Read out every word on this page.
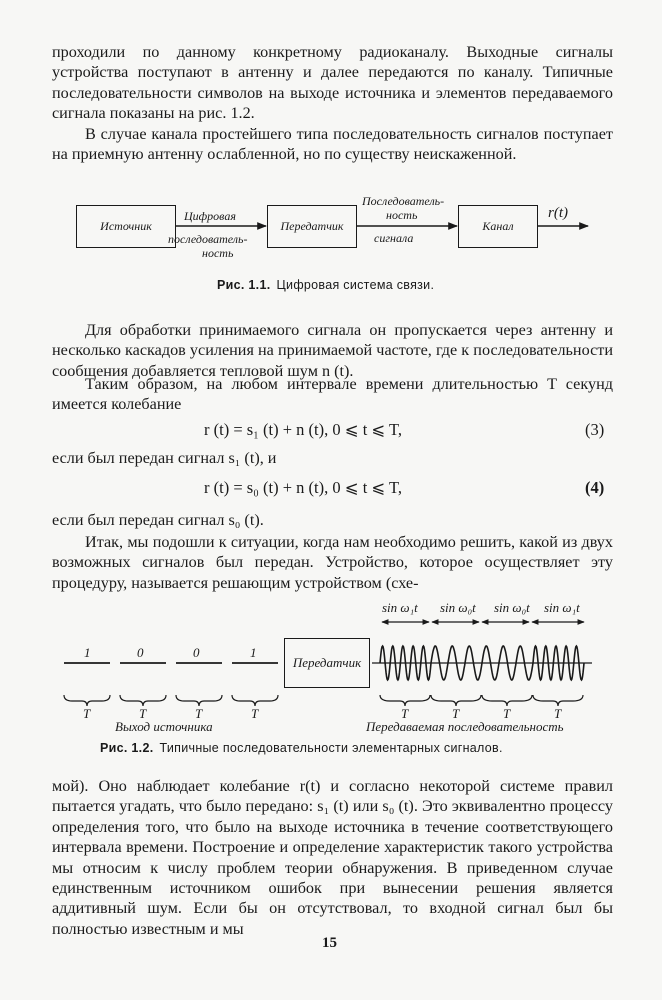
проходили по данному конкретному радиоканалу. Выходные сигналы устройства поступают в антенну и далее передаются по каналу. Типичные последовательности символов на выходе источника и элементов передаваемого сигнала показаны на рис. 1.2.

В случае канала простейшего типа последовательность сигналов поступает на приемную антенну ослабленной, но по существу неискаженной.

Источник	Передатчик	Канал
Цифровая
последователь-
ность
Последователь-
ность
сигнала
r(t)
Рис. 1.1. Цифровая система связи.

Для обработки принимаемого сигнала он пропускается через антенну и несколько каскадов усиления на принимаемой частоте, где к последовательности сообщения добавляется тепловой шум n (t).

Таким образом, на любом интервале времени длительностью T секунд имеется колебание

r (t) = s₁ (t) + n (t), 0 ⩽ t ⩽ T,	(3)

если был передан сигнал s₁ (t), и

r (t) = s₀ (t) + n (t), 0 ⩽ t ⩽ T,	(4)

если был передан сигнал s₀ (t).

Итак, мы подошли к ситуации, когда нам необходимо решить, какой из двух возможных сигналов был передан. Устройство, которое осуществляет эту процедуру, называется решающим устройством (схе-

1	0	0	1
T	T	T	T
Выход источника
Передатчик
sin ω₁t sin ω₀t sin ω₀t sin ω₁t
T	T	T	T
Передаваемая последовательность
Рис. 1.2. Типичные последовательности элементарных сигналов.

мой). Оно наблюдает колебание r(t) и согласно некоторой системе правил пытается угадать, что было передано: s₁ (t) или s₀ (t). Это эквивалентно процессу определения того, что было на выходе источника в течение соответствующего интервала времени. Построение и определение характеристик такого устройства мы относим к числу проблем теории обнаружения. В приведенном случае единственным источником ошибок при вынесении решения является аддитивный шум. Если бы он отсутствовал, то входной сигнал был бы полностью известным и мы

15
